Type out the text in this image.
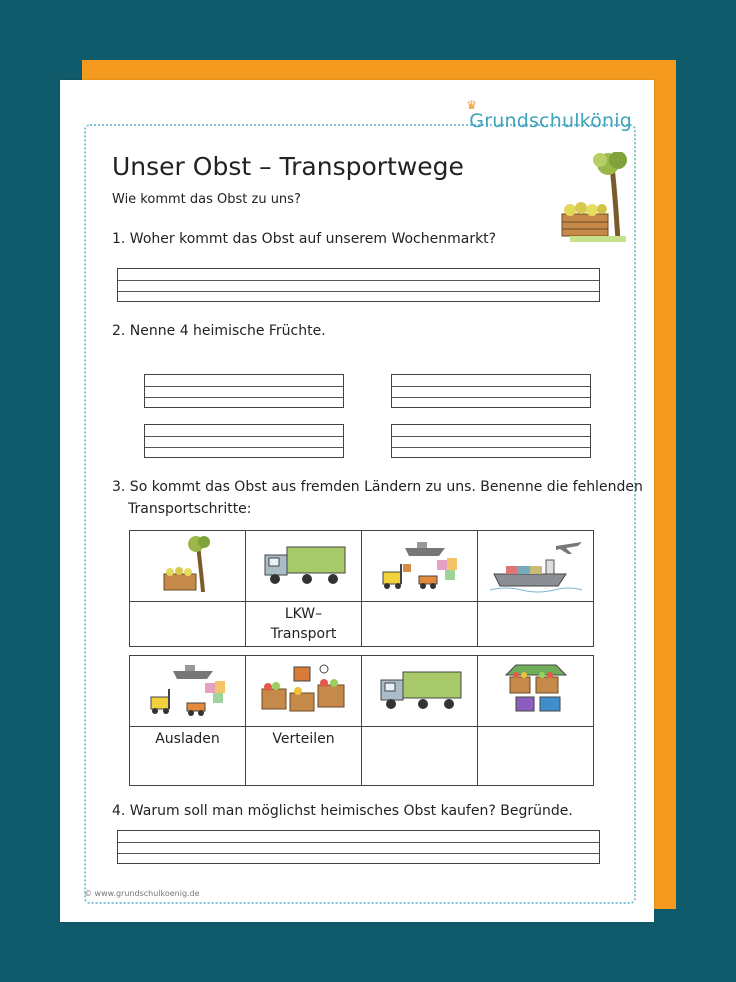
♛
Grundschulkönig
Unser Obst – Transportwege
Wie kommt das Obst zu uns?
1. Woher kommt das Obst auf unserem Wochenmarkt?
2. Nenne 4 heimische Früchte.
3. So kommt das Obst aus fremden Ländern zu uns. Benenne die fehlenden
Transportschritte:

	LKW–
Transport		

Ausladen	Verteilen		
4. Warum soll man möglichst heimisches Obst kaufen? Begründe.
© www.grundschulkoenig.de
